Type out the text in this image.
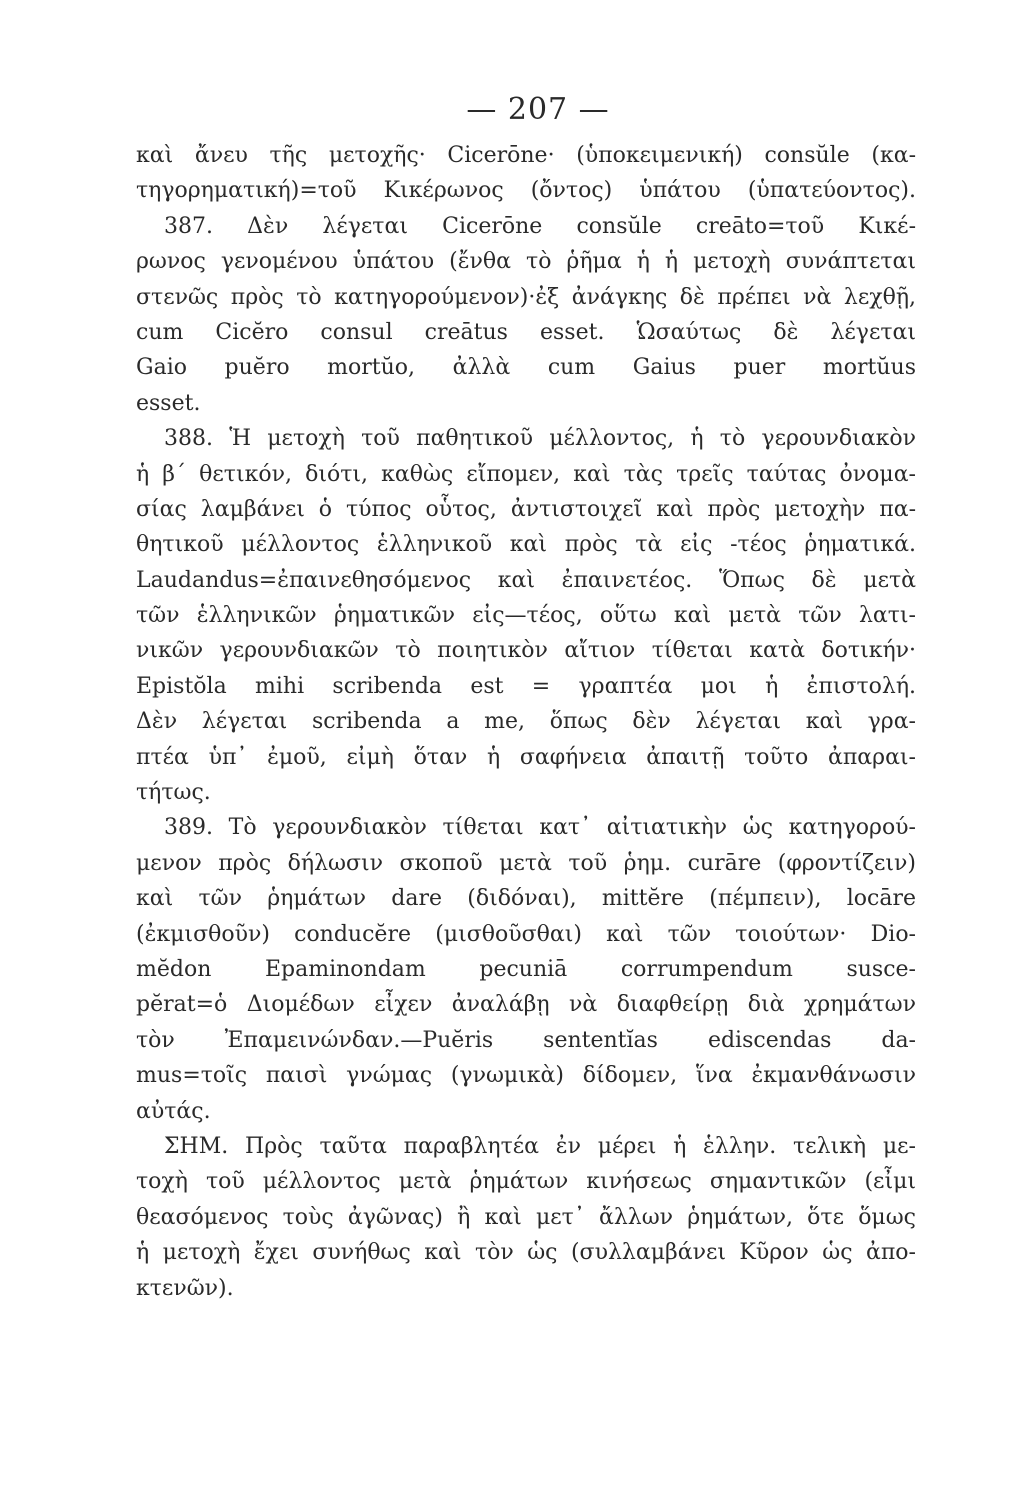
— 207 —
καὶ ἄνευ τῆς μετοχῆς· Cicerōne· (ὑποκειμενική) consŭle (κα-
τηγορηματική)=τοῦ Κικέρωνος (ὄντος) ὑπάτου (ὑπατεύοντος).
387. Δὲν λέγεται Cicerōne consŭle creāto=τοῦ Κικέ-
ρωνος γενομένου ὑπάτου (ἔνθα τὸ ῥῆμα ἡ ἡ μετοχὴ συνάπτεται
στενῶς πρὸς τὸ κατηγορούμενον)·ἐξ ἀνάγκης δὲ πρέπει νὰ λεχθῇ,
cum Cicĕro consul creātus esset. Ὡσαύτως δὲ λέγεται
Gaio puĕro mortŭo, ἀλλὰ cum Gaius puer mortŭus
esset.
388. Ἡ μετοχὴ τοῦ παθητικοῦ μέλλοντος, ἡ τὸ γερουνδιακὸν
ἡ β΄ θετικόν, διότι, καθὼς εἴπομεν, καὶ τὰς τρεῖς ταύτας ὀνομα-
σίας λαμβάνει ὁ τύπος οὗτος, ἀντιστοιχεῖ καὶ πρὸς μετοχὴν πα-
θητικοῦ μέλλοντος ἑλληνικοῦ καὶ πρὸς τὰ εἰς -τέος ῥηματικά.
Laudandus=ἐπαινεθησόμενος καὶ ἐπαινετέος. Ὅπως δὲ μετὰ
τῶν ἑλληνικῶν ῥηματικῶν εἰς—τέος, οὕτω καὶ μετὰ τῶν λατι-
νικῶν γερουνδιακῶν τὸ ποιητικὸν αἴτιον τίθεται κατὰ δοτικήν·
Epistŏla mihi scribenda est = γραπτέα μοι ἡ ἐπιστολή.
Δὲν λέγεται scribenda a me, ὅπως δὲν λέγεται καὶ γρα-
πτέα ὑπ᾽ ἐμοῦ, εἰμὴ ὅταν ἡ σαφήνεια ἀπαιτῇ τοῦτο ἀπαραι-
τήτως.
389. Τὸ γερουνδιακὸν τίθεται κατ᾽ αἰτιατικὴν ὡς κατηγορού-
μενον πρὸς δήλωσιν σκοποῦ μετὰ τοῦ ῥημ. curāre (φροντίζειν)
καὶ τῶν ῥημάτων dare (διδόναι), mittĕre (πέμπειν), locāre
(ἐκμισθοῦν) conducĕre (μισθοῦσθαι) καὶ τῶν τοιούτων· Dio-
mĕdon Epaminondam pecuniā corrumpendum susce-
pĕrat=ὁ Διομέδων εἶχεν ἀναλάβῃ νὰ διαφθείρῃ διὰ χρημάτων
τὸν Ἐπαμεινώνδαν.—Puĕris sententĭas ediscendas da-
mus=τοῖς παισὶ γνώμας (γνωμικὰ) δίδομεν, ἵνα ἐκμανθάνωσιν
αὐτάς.
ΣΗΜ. Πρὸς ταῦτα παραβλητέα ἐν μέρει ἡ ἑλλην. τελικὴ με-
τοχὴ τοῦ μέλλοντος μετὰ ῥημάτων κινήσεως σημαντικῶν (εἶμι
θεασόμενος τοὺς ἀγῶνας) ἢ καὶ μετ᾽ ἄλλων ῥημάτων, ὅτε ὅμως
ἡ μετοχὴ ἔχει συνήθως καὶ τὸν ὡς (συλλαμβάνει Κῦρον ὡς ἀπο-
κτενῶν).
